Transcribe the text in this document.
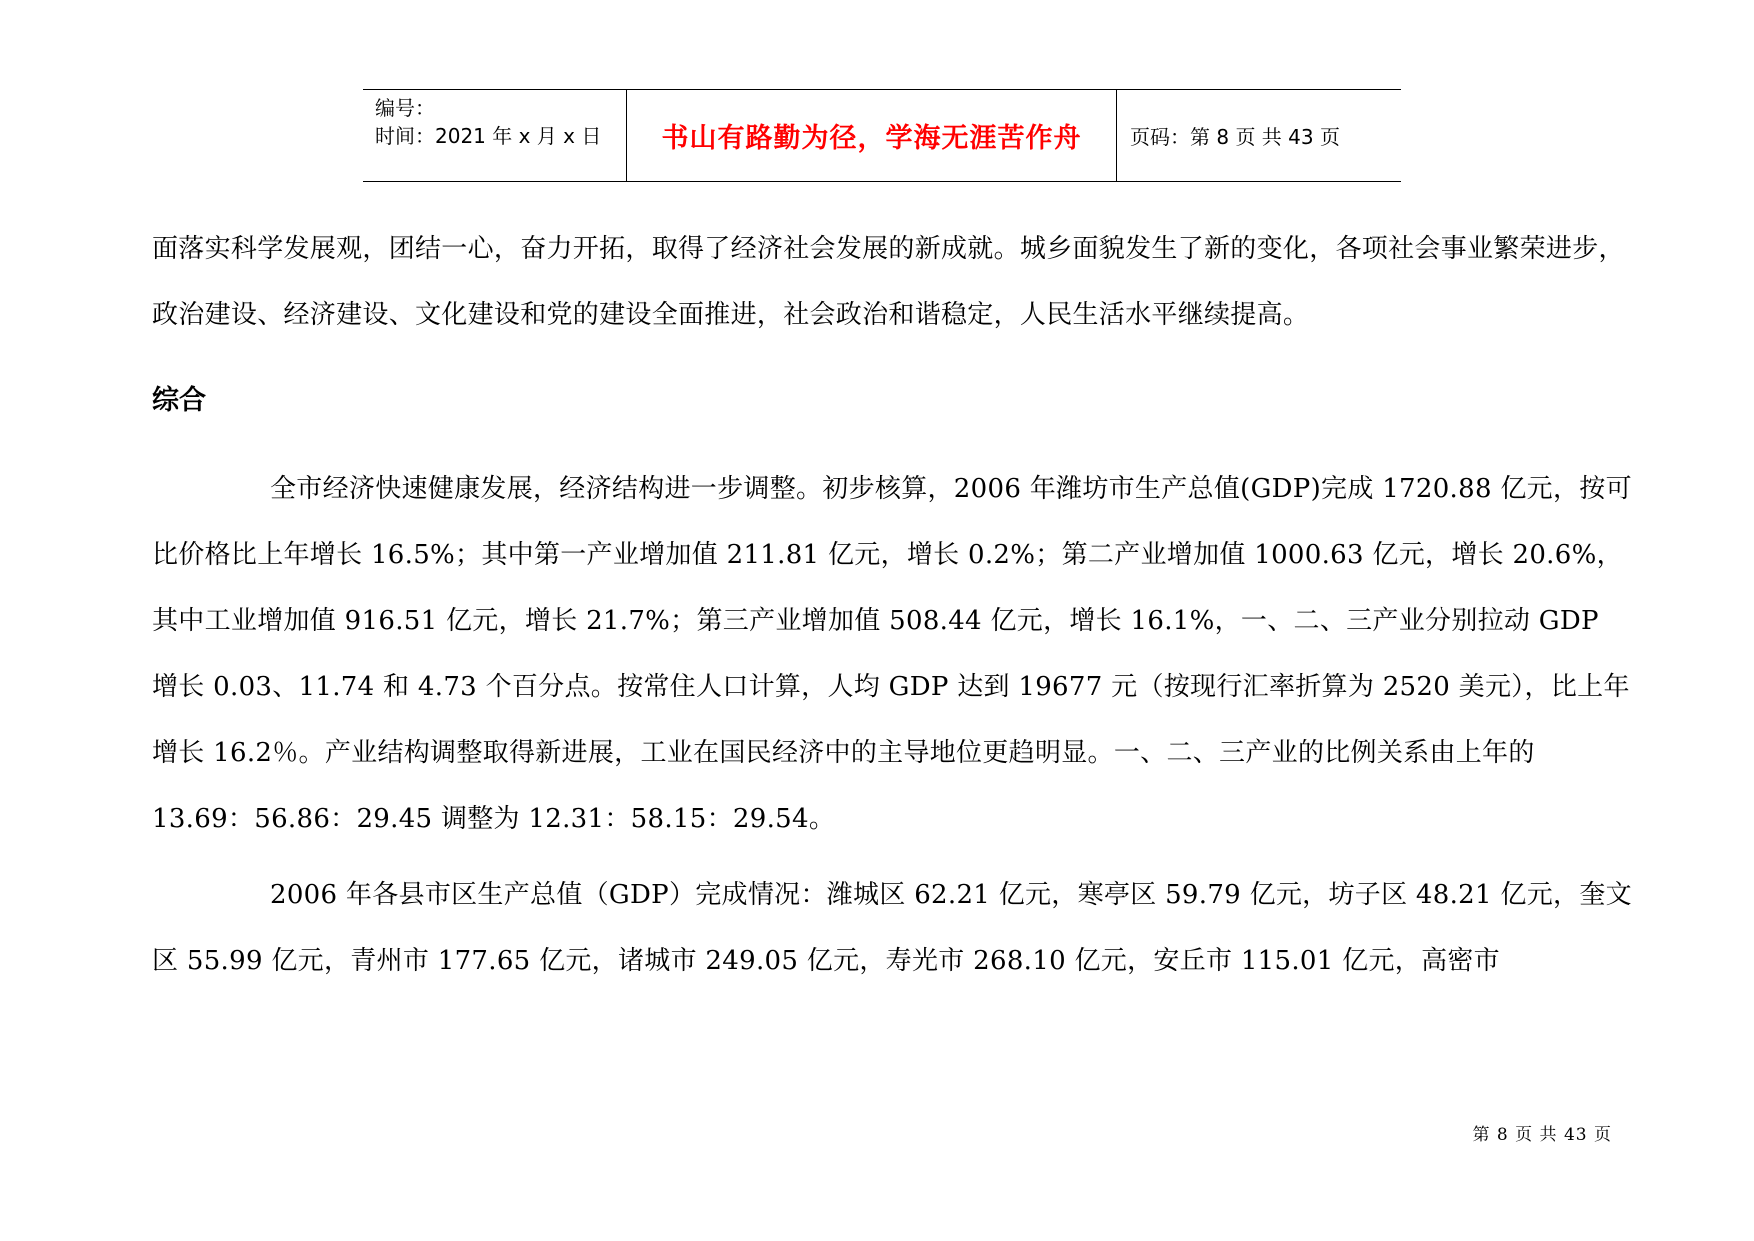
编号：
时间：2021 年 x 月 x 日	书山有路勤为径，学海无涯苦作舟 页码：第 8 页 共 43 页

面落实科学发展观，团结一心，奋力开拓，取得了经济社会发展的新成就。城乡面貌发生了新的变化，各项社会事业繁荣进步，政治建设、经济建设、文化建设和党的建设全面推进，社会政治和谐稳定，人民生活水平继续提高。

综合

全市经济快速健康发展，经济结构进一步调整。初步核算，2006 年潍坊市生产总值(GDP)完成 1720.88 亿元，按可比价格比上年增长 16.5%；其中第一产业增加值 211.81 亿元，增长 0.2%；第二产业增加值 1000.63 亿元，增长 20.6%，其中工业增加值 916.51 亿元，增长 21.7%；第三产业增加值 508.44 亿元，增长 16.1%，一、二、三产业分别拉动 GDP 增长 0.03、11.74 和 4.73 个百分点。按常住人口计算，人均 GDP 达到 19677 元（按现行汇率折算为 2520 美元），比上年增长 16.2％。产业结构调整取得新进展，工业在国民经济中的主导地位更趋明显。一、二、三产业的比例关系由上年的 13.69：56.86：29.45 调整为 12.31：58.15：29.54。

2006 年各县市区生产总值（GDP）完成情况：潍城区 62.21 亿元，寒亭区 59.79 亿元，坊子区 48.21 亿元，奎文区 55.99 亿元，青州市 177.65 亿元，诸城市 249.05 亿元，寿光市 268.10 亿元，安丘市 115.01 亿元，高密市

第 8 页 共 43 页
